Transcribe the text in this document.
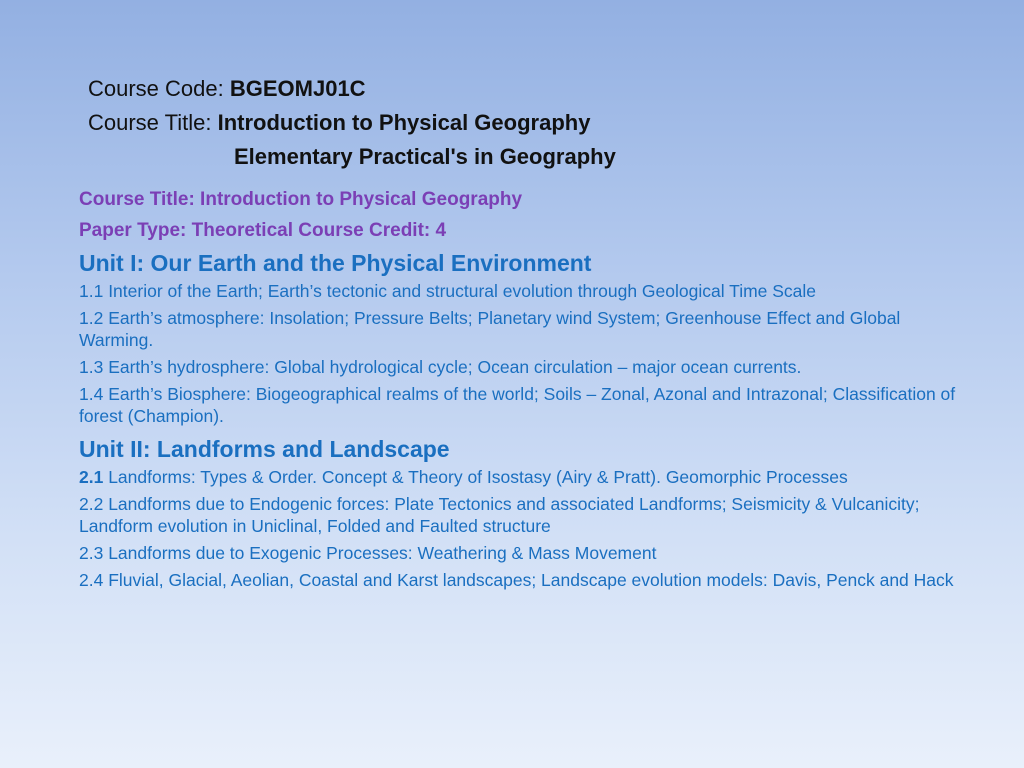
Course Code: BGEOMJ01C
Course Title: Introduction to Physical Geography
Elementary Practical's in Geography
Course Title: Introduction to Physical Geography
Paper Type: Theoretical Course Credit: 4
Unit I: Our Earth and the Physical Environment
1.1 Interior of the Earth; Earth’s tectonic and structural evolution through Geological Time Scale
1.2 Earth’s atmosphere: Insolation; Pressure Belts; Planetary wind System; Greenhouse Effect and Global Warming.
1.3 Earth’s hydrosphere: Global hydrological cycle; Ocean circulation – major ocean currents.
1.4 Earth’s Biosphere: Biogeographical realms of the world; Soils – Zonal, Azonal and Intrazonal; Classification of forest (Champion).
Unit II: Landforms and Landscape
2.1 Landforms: Types & Order. Concept & Theory of Isostasy (Airy & Pratt). Geomorphic Processes
2.2 Landforms due to Endogenic forces: Plate Tectonics and associated Landforms; Seismicity & Vulcanicity; Landform evolution in Uniclinal, Folded and Faulted structure
2.3 Landforms due to Exogenic Processes: Weathering & Mass Movement
2.4 Fluvial, Glacial, Aeolian, Coastal and Karst landscapes; Landscape evolution models: Davis, Penck and Hack
